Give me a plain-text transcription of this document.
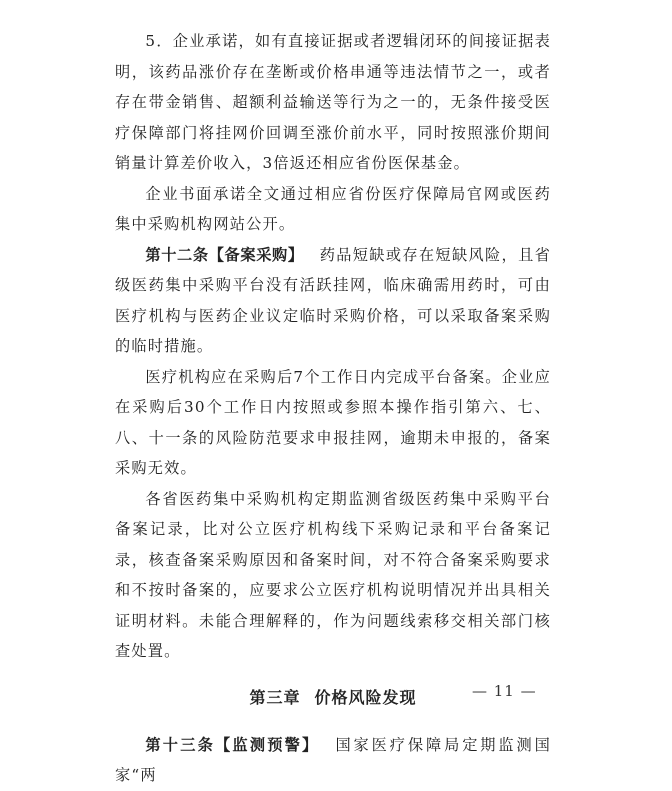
5．企业承诺，如有直接证据或者逻辑闭环的间接证据表明，该药品涨价存在垄断或价格串通等违法情节之一，或者存在带金销售、超额利益输送等行为之一的，无条件接受医疗保障部门将挂网价回调至涨价前水平，同时按照涨价期间销量计算差价收入，3倍返还相应省份医保基金。

企业书面承诺全文通过相应省份医疗保障局官网或医药集中采购机构网站公开。

第十二条【备案采购】 药品短缺或存在短缺风险，且省级医药集中采购平台没有活跃挂网，临床确需用药时，可由医疗机构与医药企业议定临时采购价格，可以采取备案采购的临时措施。

医疗机构应在采购后7个工作日内完成平台备案。企业应在采购后30个工作日内按照或参照本操作指引第六、七、八、十一条的风险防范要求申报挂网，逾期未申报的，备案采购无效。

各省医药集中采购机构定期监测省级医药集中采购平台备案记录，比对公立医疗机构线下采购记录和平台备案记录，核查备案采购原因和备案时间，对不符合备案采购要求和不按时备案的，应要求公立医疗机构说明情况并出具相关证明材料。未能合理解释的，作为问题线索移交相关部门核查处置。

第三章 价格风险发现

第十三条【监测预警】 国家医疗保障局定期监测国家“两

— 11 —
